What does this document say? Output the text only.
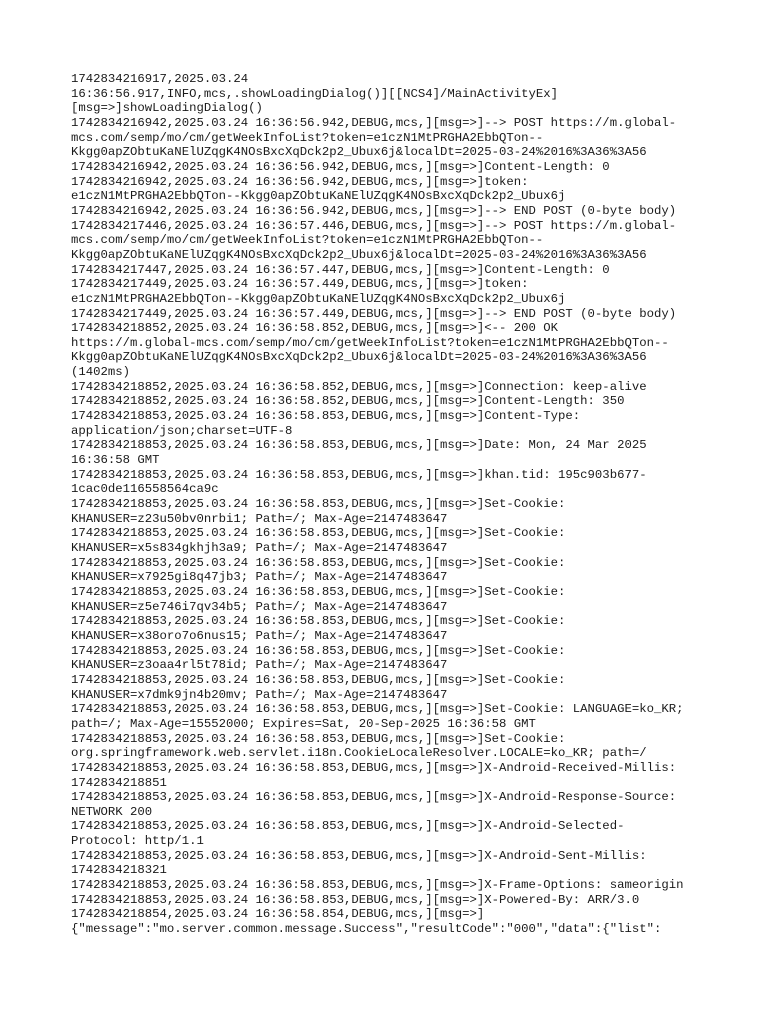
1742834216917,2025.03.24
16:36:56.917,INFO,mcs,.showLoadingDialog()][[NCS4]/MainActivityEx]
[msg=>]showLoadingDialog()
1742834216942,2025.03.24 16:36:56.942,DEBUG,mcs,][msg=>]--> POST https://m.global-
mcs.com/semp/mo/cm/getWeekInfoList?token=e1czN1MtPRGHA2EbbQTon--
Kkgg0apZObtuKaNElUZqgK4NOsBxcXqDck2p2_Ubux6j&localDt=2025-03-24%2016%3A36%3A56
1742834216942,2025.03.24 16:36:56.942,DEBUG,mcs,][msg=>]Content-Length: 0
1742834216942,2025.03.24 16:36:56.942,DEBUG,mcs,][msg=>]token:
e1czN1MtPRGHA2EbbQTon--Kkgg0apZObtuKaNElUZqgK4NOsBxcXqDck2p2_Ubux6j
1742834216942,2025.03.24 16:36:56.942,DEBUG,mcs,][msg=>]--> END POST (0-byte body)
1742834217446,2025.03.24 16:36:57.446,DEBUG,mcs,][msg=>]--> POST https://m.global-
mcs.com/semp/mo/cm/getWeekInfoList?token=e1czN1MtPRGHA2EbbQTon--
Kkgg0apZObtuKaNElUZqgK4NOsBxcXqDck2p2_Ubux6j&localDt=2025-03-24%2016%3A36%3A56
1742834217447,2025.03.24 16:36:57.447,DEBUG,mcs,][msg=>]Content-Length: 0
1742834217449,2025.03.24 16:36:57.449,DEBUG,mcs,][msg=>]token:
e1czN1MtPRGHA2EbbQTon--Kkgg0apZObtuKaNElUZqgK4NOsBxcXqDck2p2_Ubux6j
1742834217449,2025.03.24 16:36:57.449,DEBUG,mcs,][msg=>]--> END POST (0-byte body)
1742834218852,2025.03.24 16:36:58.852,DEBUG,mcs,][msg=>]<-- 200 OK
https://m.global-mcs.com/semp/mo/cm/getWeekInfoList?token=e1czN1MtPRGHA2EbbQTon--
Kkgg0apZObtuKaNElUZqgK4NOsBxcXqDck2p2_Ubux6j&localDt=2025-03-24%2016%3A36%3A56
(1402ms)
1742834218852,2025.03.24 16:36:58.852,DEBUG,mcs,][msg=>]Connection: keep-alive
1742834218852,2025.03.24 16:36:58.852,DEBUG,mcs,][msg=>]Content-Length: 350
1742834218853,2025.03.24 16:36:58.853,DEBUG,mcs,][msg=>]Content-Type:
application/json;charset=UTF-8
1742834218853,2025.03.24 16:36:58.853,DEBUG,mcs,][msg=>]Date: Mon, 24 Mar 2025
16:36:58 GMT
1742834218853,2025.03.24 16:36:58.853,DEBUG,mcs,][msg=>]khan.tid: 195c903b677-
1cac0de116558564ca9c
1742834218853,2025.03.24 16:36:58.853,DEBUG,mcs,][msg=>]Set-Cookie:
KHANUSER=z23u50bv0nrbi1; Path=/; Max-Age=2147483647
1742834218853,2025.03.24 16:36:58.853,DEBUG,mcs,][msg=>]Set-Cookie:
KHANUSER=x5s834gkhjh3a9; Path=/; Max-Age=2147483647
1742834218853,2025.03.24 16:36:58.853,DEBUG,mcs,][msg=>]Set-Cookie:
KHANUSER=x7925gi8q47jb3; Path=/; Max-Age=2147483647
1742834218853,2025.03.24 16:36:58.853,DEBUG,mcs,][msg=>]Set-Cookie:
KHANUSER=z5e746i7qv34b5; Path=/; Max-Age=2147483647
1742834218853,2025.03.24 16:36:58.853,DEBUG,mcs,][msg=>]Set-Cookie:
KHANUSER=x38oro7o6nus15; Path=/; Max-Age=2147483647
1742834218853,2025.03.24 16:36:58.853,DEBUG,mcs,][msg=>]Set-Cookie:
KHANUSER=z3oaa4rl5t78id; Path=/; Max-Age=2147483647
1742834218853,2025.03.24 16:36:58.853,DEBUG,mcs,][msg=>]Set-Cookie:
KHANUSER=x7dmk9jn4b20mv; Path=/; Max-Age=2147483647
1742834218853,2025.03.24 16:36:58.853,DEBUG,mcs,][msg=>]Set-Cookie: LANGUAGE=ko_KR;
path=/; Max-Age=15552000; Expires=Sat, 20-Sep-2025 16:36:58 GMT
1742834218853,2025.03.24 16:36:58.853,DEBUG,mcs,][msg=>]Set-Cookie:
org.springframework.web.servlet.i18n.CookieLocaleResolver.LOCALE=ko_KR; path=/
1742834218853,2025.03.24 16:36:58.853,DEBUG,mcs,][msg=>]X-Android-Received-Millis:
1742834218851
1742834218853,2025.03.24 16:36:58.853,DEBUG,mcs,][msg=>]X-Android-Response-Source:
NETWORK 200
1742834218853,2025.03.24 16:36:58.853,DEBUG,mcs,][msg=>]X-Android-Selected-
Protocol: http/1.1
1742834218853,2025.03.24 16:36:58.853,DEBUG,mcs,][msg=>]X-Android-Sent-Millis:
1742834218321
1742834218853,2025.03.24 16:36:58.853,DEBUG,mcs,][msg=>]X-Frame-Options: sameorigin
1742834218853,2025.03.24 16:36:58.853,DEBUG,mcs,][msg=>]X-Powered-By: ARR/3.0
1742834218854,2025.03.24 16:36:58.854,DEBUG,mcs,][msg=>]
{"message":"mo.server.common.message.Success","resultCode":"000","data":{"list":
